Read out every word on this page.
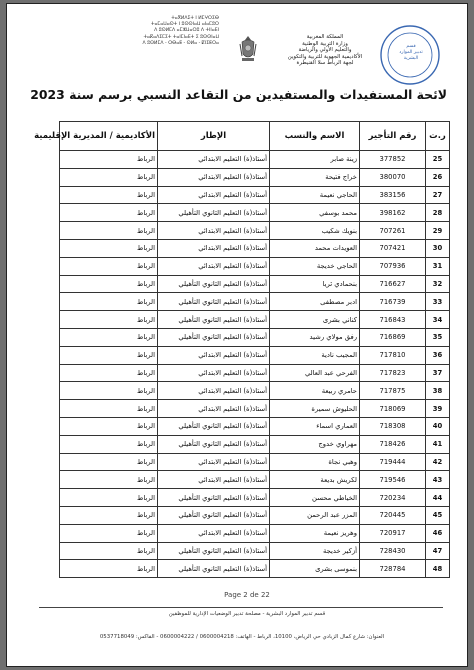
ⵜⴰⴳⵍⴷⵉⵜ ⵏ ⵍⵎⵖⵔⵉⴱ
ⵜⴰⵎⴰⵡⴰⵙⵜ ⵏ ⵓⵙⵙⵏⴰⵡ ⴰⵏⴰⵎⵓⵔ
ⴷ ⵓⵙⵍⵎⴷ ⴰⵎⵣⵡⴰⵔⵓ ⴷ ⵜⵏⵏⴰⴹⵏ
ⵜⴰⴽⴰⴷⵉⵎⵉⵜ ⵜⴰⵏⵎⵏⴰⴹⵜ ⵉ ⵓⵙⵙⵏⴰⵡ
ⴷ ⵓⵙⵍⵎⴷ - ⵔⴱⴰⵟ - ⵙⵍⴰ - ⵇⵏⵉⵟⵔⴰ
المملكة المغربية
وزارة التربية الوطنية
والتعليم الأولي والرياضة
الأكاديمية الجهوية للتربية والتكوين
لجهة الرباط سلا القنيطرة
قسم
تدبير الموارد
البشرية
لائحة المستفيدات والمستفيدين من التقاعد النسبي برسم سنة 2023
ر.ت	رقم التأجير	الاسم والنسب	الإطار	الأكاديمية / المديرية الإقليمية
25	377852	زينة صابر	أستاذ(ة) التعليم الابتدائي	الرباط
26	380070	خراج فتيحة	أستاذ(ة) التعليم الابتدائي	الرباط
27	383156	الحاجي نعيمة	أستاذ(ة) التعليم الابتدائي	الرباط
28	398162	محمد بوسفي	أستاذ(ة) التعليم الثانوي التأهيلي	الرباط
29	707261	بنويك شكيب	أستاذ(ة) التعليم الابتدائي	الرباط
30	707421	العويدات محمد	أستاذ(ة) التعليم الابتدائي	الرباط
31	707936	الحاجي خديجة	أستاذ(ة) التعليم الابتدائي	الرباط
32	716627	بنحمادي ثريا	أستاذ(ة) التعليم الثانوي التأهيلي	الرباط
33	716739	ادبر مصطفى	أستاذ(ة) التعليم الثانوي التأهيلي	الرباط
34	716843	كناني بشرى	أستاذ(ة) التعليم الثانوي التأهيلي	الرباط
35	716869	رفق مولاي رشيد	أستاذ(ة) التعليم الثانوي التأهيلي	الرباط
36	717810	المجيب نادية	أستاذ(ة) التعليم الابتدائي	الرباط
37	717823	الفرحي عبد العالي	أستاذ(ة) التعليم الابتدائي	الرباط
38	717875	حامري ربيعة	أستاذ(ة) التعليم الابتدائي	الرباط
39	718069	الحليوش سميرة	أستاذ(ة) التعليم الابتدائي	الرباط
40	718308	العماري اسماء	أستاذ(ة) التعليم الثانوي التأهيلي	الرباط
41	718426	مهراوي خدوج	أستاذ(ة) التعليم الثانوي التأهيلي	الرباط
42	719444	وهبي نجاة	أستاذ(ة) التعليم الابتدائي	الرباط
43	719546	لكريش بديعة	أستاذ(ة) التعليم الابتدائي	الرباط
44	720234	الخياطي محسن	أستاذ(ة) التعليم الثانوي التأهيلي	الرباط
45	720445	المزر عبد الرحمن	أستاذ(ة) التعليم الثانوي التأهيلي	الرباط
46	720917	وهريز نعيمة	أستاذ(ة) التعليم الابتدائي	الرباط
47	728430	أزكير خديجة	أستاذ(ة) التعليم الثانوي التأهيلي	الرباط
48	728784	بنموسى بشرى	أستاذ(ة) التعليم الثانوي التأهيلي	الرباط
Page 2 de 22
قسم تدبير الموارد البشرية - مصلحة تدبير الوضعيات الإدارية للموظفين
العنوان: شارع كمال الزبادي حي الرياض، 10100، الرباط - الهاتف: 0600004218 / 0600004222 - الفاكس: 0537718049
